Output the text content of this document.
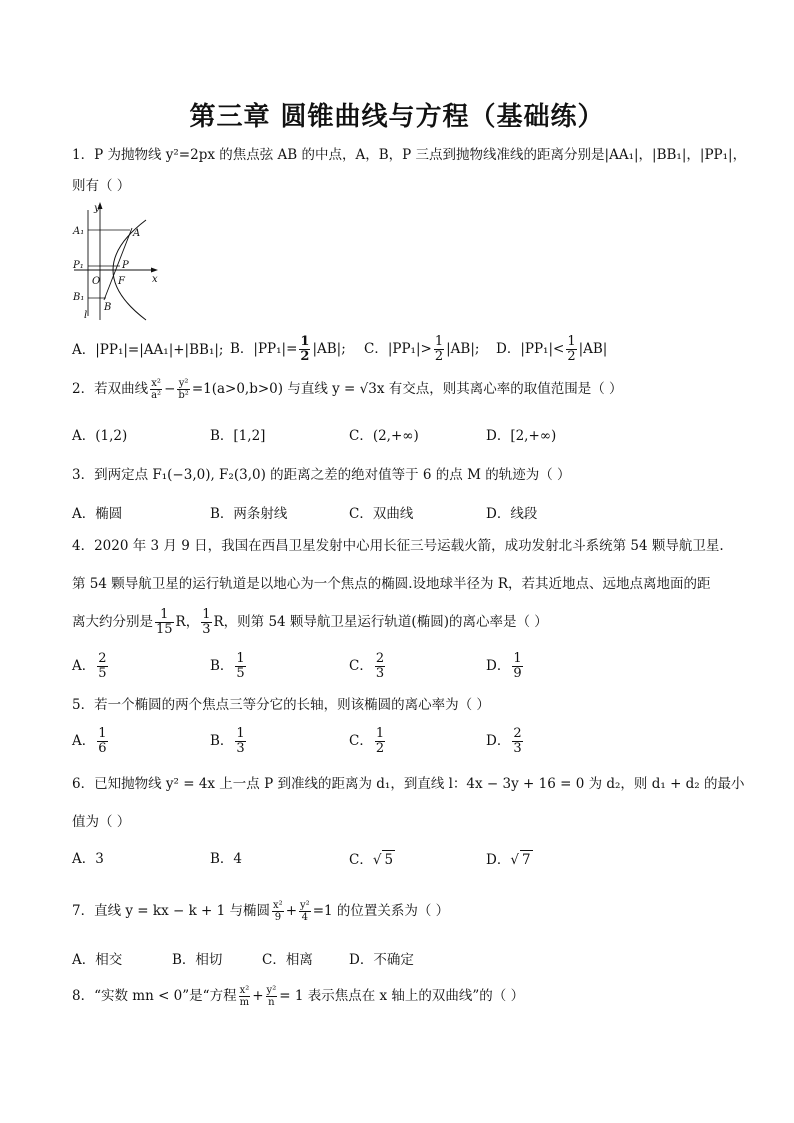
第三章 圆锥曲线与方程（基础练）
1．P 为抛物线 y²=2px 的焦点弦 AB 的中点，A，B，P 三点到抛物线准线的距离分别是|AA₁|，|BB₁|，|PP₁|，
则有（ ）
y
x
A₁	A
P₁	P
O F
B₁
B
l
A．|PP₁|=|AA₁|+|BB₁|; B．$|PP_1|= \frac{1}{2} |AB|$; C．$|PP_1|> \frac{1}{2} |AB|$; D．$|PP_1|< \frac{1}{2} |AB|$
2．若双曲线 $\frac{\text{x²}}{\text{a²}} - \frac{\text{y²}}{\text{b²}} =1(a>0,b>0)$ 与直线 y = √3x 有交点，则其离心率的取值范围是（ ）
A．(1,2)	B．[1,2]	C．(2,+∞)	D．[2,+∞)
3．到两定点 F₁(−3,0), F₂(3,0) 的距离之差的绝对值等于 6 的点 M 的轨迹为（ ）
A．椭圆	B．两条射线	C．双曲线	D．线段
4．2020 年 3 月 9 日，我国在西昌卫星发射中心用长征三号运载火箭，成功发射北斗系统第 54 颗导航卫星.
第 54 颗导航卫星的运行轨道是以地心为一个焦点的椭圆.设地球半径为 R，若其近地点、远地点离地面的距
离大约分别是 $\frac{1}{15}$ R， $\frac{1}{3}$ R，则第 54 颗导航卫星运行轨道(椭圆)的离心率是（ ）
A． $\frac{2}{5}$	B． $\frac{1}{5}$	C． $\frac{2}{3}$	D． $\frac{1}{9}$
5．若一个椭圆的两个焦点三等分它的长轴，则该椭圆的离心率为（ ）
A． $\frac{1}{6}$	B． $\frac{1}{3}$	C． $\frac{1}{2}$	D． $\frac{2}{3}$
6．已知抛物线 y² = 4x 上一点 P 到准线的距离为 d₁，到直线 l：4x − 3y + 16 = 0 为 d₂，则 d₁ + d₂ 的最小
值为（ ）
A．3	B．4	C．√ 5	D．√ 7
7．直线 y = kx − k + 1 与椭圆 $\frac{\text{x²}}{9} + \frac{\text{y²}}{4} =1$ 的位置关系为（ ）
A．相交	B．相切	C．相离	D．不确定
8．“实数 mn < 0”是“方程 $\frac{\text{x²}}{m} + \frac{\text{y²}}{n} = 1$ 表示焦点在 x 轴上的双曲线”的（ ）
